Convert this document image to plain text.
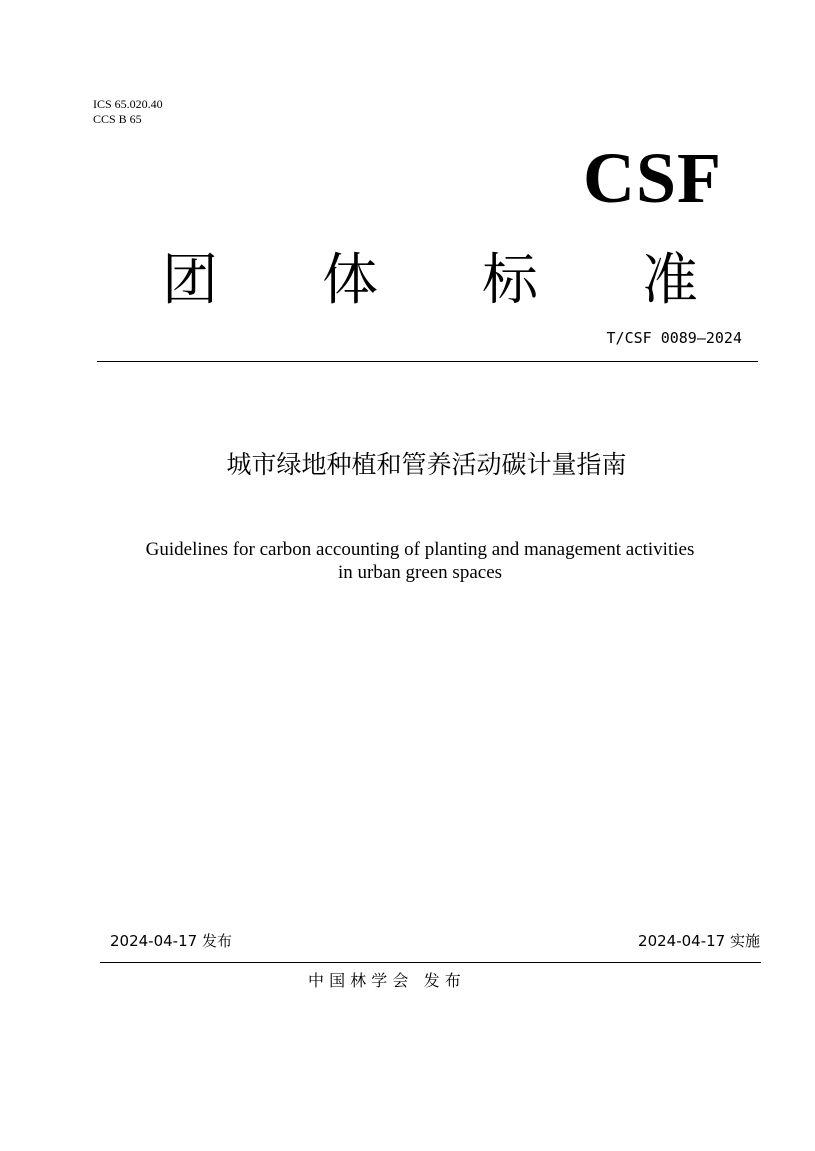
ICS 65.020.40
CCS B 65
CSF
团 体 标 准
T/CSF 0089—2024
城市绿地种植和管养活动碳计量指南
Guidelines for carbon accounting of planting and management activities
in urban green spaces
2024-04-17 发布	2024-04-17 实施
中 国 林 学 会   发 布
